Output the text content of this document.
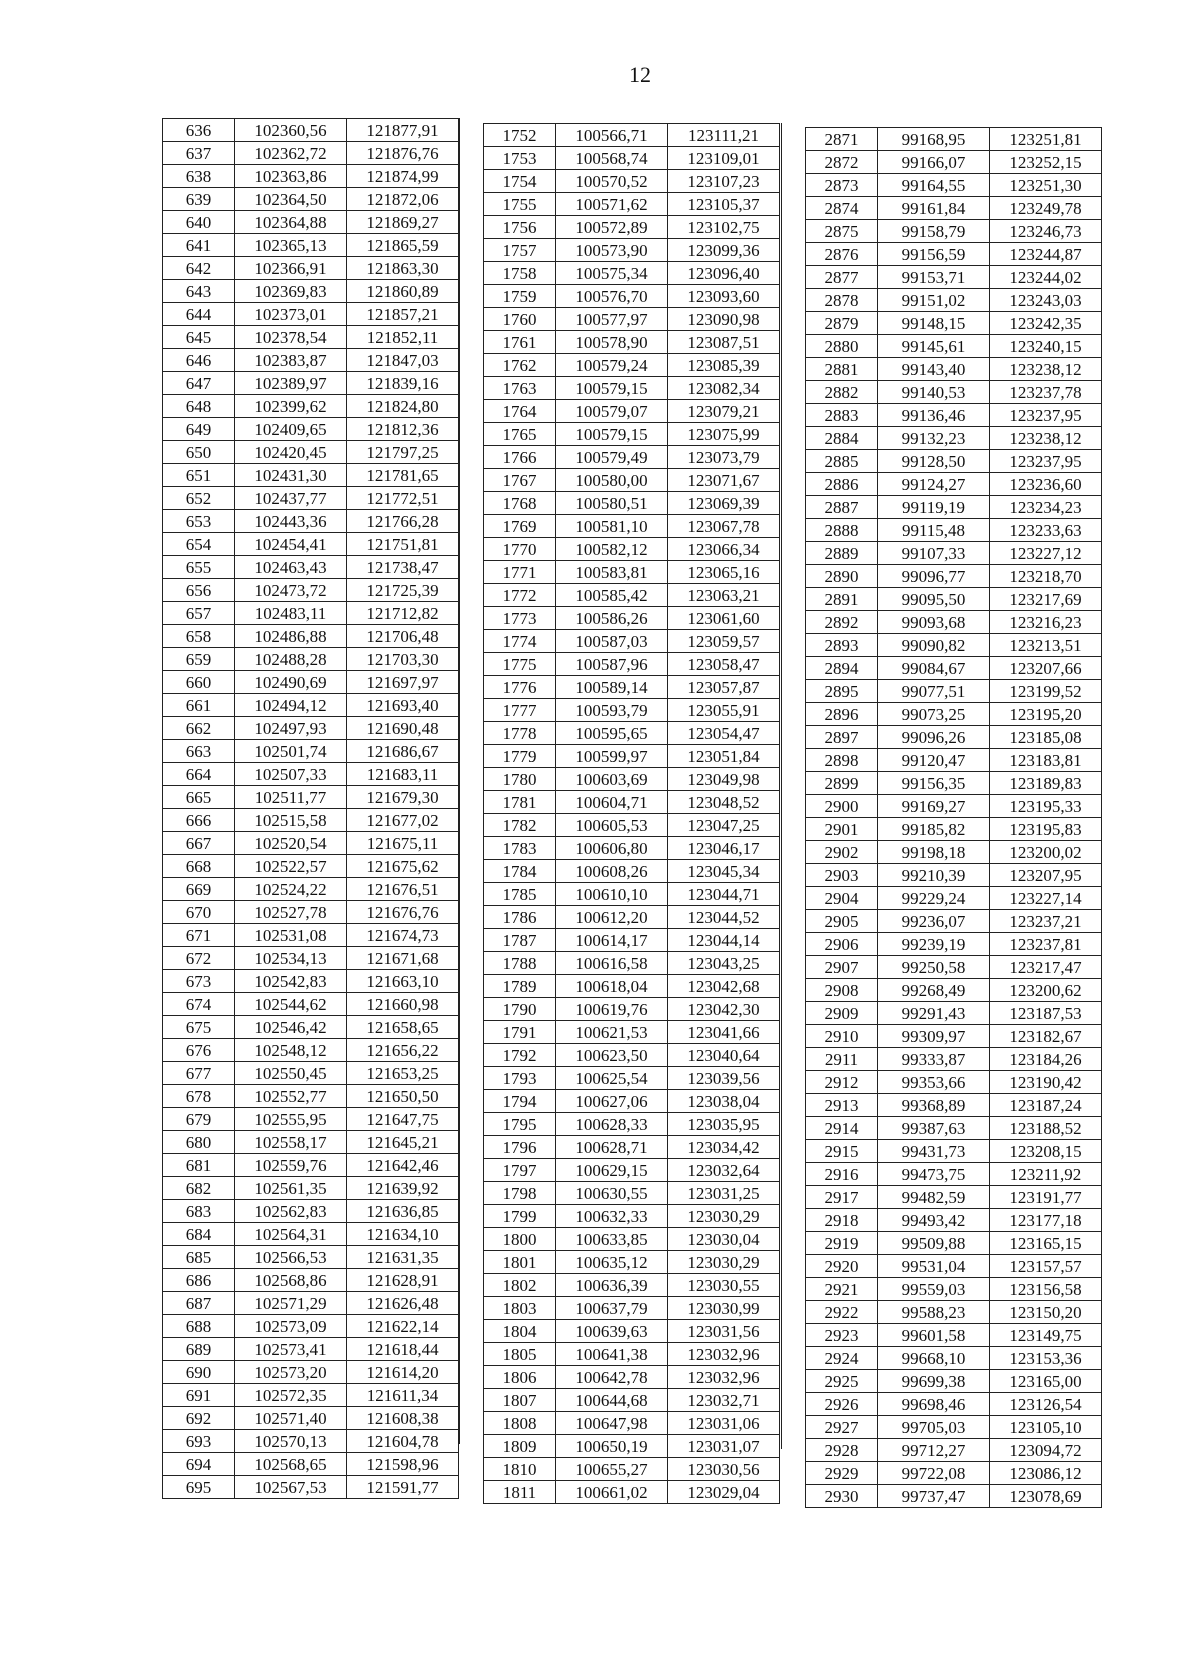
12
636	102360,56	121877,91
637	102362,72	121876,76
638	102363,86	121874,99
639	102364,50	121872,06
640	102364,88	121869,27
641	102365,13	121865,59
642	102366,91	121863,30
643	102369,83	121860,89
644	102373,01	121857,21
645	102378,54	121852,11
646	102383,87	121847,03
647	102389,97	121839,16
648	102399,62	121824,80
649	102409,65	121812,36
650	102420,45	121797,25
651	102431,30	121781,65
652	102437,77	121772,51
653	102443,36	121766,28
654	102454,41	121751,81
655	102463,43	121738,47
656	102473,72	121725,39
657	102483,11	121712,82
658	102486,88	121706,48
659	102488,28	121703,30
660	102490,69	121697,97
661	102494,12	121693,40
662	102497,93	121690,48
663	102501,74	121686,67
664	102507,33	121683,11
665	102511,77	121679,30
666	102515,58	121677,02
667	102520,54	121675,11
668	102522,57	121675,62
669	102524,22	121676,51
670	102527,78	121676,76
671	102531,08	121674,73
672	102534,13	121671,68
673	102542,83	121663,10
674	102544,62	121660,98
675	102546,42	121658,65
676	102548,12	121656,22
677	102550,45	121653,25
678	102552,77	121650,50
679	102555,95	121647,75
680	102558,17	121645,21
681	102559,76	121642,46
682	102561,35	121639,92
683	102562,83	121636,85
684	102564,31	121634,10
685	102566,53	121631,35
686	102568,86	121628,91
687	102571,29	121626,48
688	102573,09	121622,14
689	102573,41	121618,44
690	102573,20	121614,20
691	102572,35	121611,34
692	102571,40	121608,38
693	102570,13	121604,78
694	102568,65	121598,96
695	102567,53	121591,77
1752	100566,71	123111,21
1753	100568,74	123109,01
1754	100570,52	123107,23
1755	100571,62	123105,37
1756	100572,89	123102,75
1757	100573,90	123099,36
1758	100575,34	123096,40
1759	100576,70	123093,60
1760	100577,97	123090,98
1761	100578,90	123087,51
1762	100579,24	123085,39
1763	100579,15	123082,34
1764	100579,07	123079,21
1765	100579,15	123075,99
1766	100579,49	123073,79
1767	100580,00	123071,67
1768	100580,51	123069,39
1769	100581,10	123067,78
1770	100582,12	123066,34
1771	100583,81	123065,16
1772	100585,42	123063,21
1773	100586,26	123061,60
1774	100587,03	123059,57
1775	100587,96	123058,47
1776	100589,14	123057,87
1777	100593,79	123055,91
1778	100595,65	123054,47
1779	100599,97	123051,84
1780	100603,69	123049,98
1781	100604,71	123048,52
1782	100605,53	123047,25
1783	100606,80	123046,17
1784	100608,26	123045,34
1785	100610,10	123044,71
1786	100612,20	123044,52
1787	100614,17	123044,14
1788	100616,58	123043,25
1789	100618,04	123042,68
1790	100619,76	123042,30
1791	100621,53	123041,66
1792	100623,50	123040,64
1793	100625,54	123039,56
1794	100627,06	123038,04
1795	100628,33	123035,95
1796	100628,71	123034,42
1797	100629,15	123032,64
1798	100630,55	123031,25
1799	100632,33	123030,29
1800	100633,85	123030,04
1801	100635,12	123030,29
1802	100636,39	123030,55
1803	100637,79	123030,99
1804	100639,63	123031,56
1805	100641,38	123032,96
1806	100642,78	123032,96
1807	100644,68	123032,71
1808	100647,98	123031,06
1809	100650,19	123031,07
1810	100655,27	123030,56
1811	100661,02	123029,04
2871	99168,95	123251,81
2872	99166,07	123252,15
2873	99164,55	123251,30
2874	99161,84	123249,78
2875	99158,79	123246,73
2876	99156,59	123244,87
2877	99153,71	123244,02
2878	99151,02	123243,03
2879	99148,15	123242,35
2880	99145,61	123240,15
2881	99143,40	123238,12
2882	99140,53	123237,78
2883	99136,46	123237,95
2884	99132,23	123238,12
2885	99128,50	123237,95
2886	99124,27	123236,60
2887	99119,19	123234,23
2888	99115,48	123233,63
2889	99107,33	123227,12
2890	99096,77	123218,70
2891	99095,50	123217,69
2892	99093,68	123216,23
2893	99090,82	123213,51
2894	99084,67	123207,66
2895	99077,51	123199,52
2896	99073,25	123195,20
2897	99096,26	123185,08
2898	99120,47	123183,81
2899	99156,35	123189,83
2900	99169,27	123195,33
2901	99185,82	123195,83
2902	99198,18	123200,02
2903	99210,39	123207,95
2904	99229,24	123227,14
2905	99236,07	123237,21
2906	99239,19	123237,81
2907	99250,58	123217,47
2908	99268,49	123200,62
2909	99291,43	123187,53
2910	99309,97	123182,67
2911	99333,87	123184,26
2912	99353,66	123190,42
2913	99368,89	123187,24
2914	99387,63	123188,52
2915	99431,73	123208,15
2916	99473,75	123211,92
2917	99482,59	123191,77
2918	99493,42	123177,18
2919	99509,88	123165,15
2920	99531,04	123157,57
2921	99559,03	123156,58
2922	99588,23	123150,20
2923	99601,58	123149,75
2924	99668,10	123153,36
2925	99699,38	123165,00
2926	99698,46	123126,54
2927	99705,03	123105,10
2928	99712,27	123094,72
2929	99722,08	123086,12
2930	99737,47	123078,69
